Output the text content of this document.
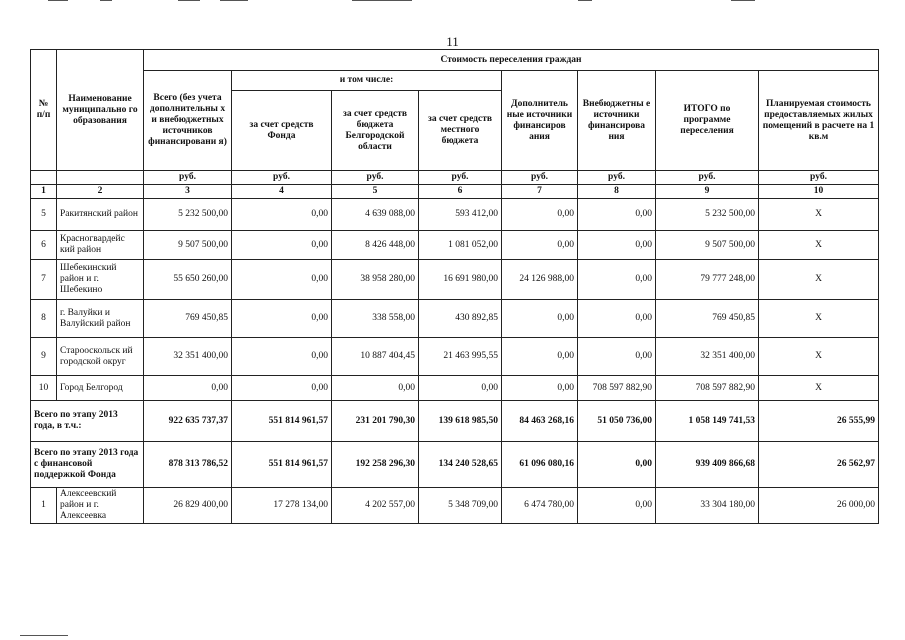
11
№ п/п	Наименование муниципально го образования	Стоимость переселения граждан							
		Всего (без учета дополнительны х и внебюджетных источников финансировани я)	и том числе:			Дополнитель ные источники финансиров ания	Внебюджетны е источники финансирова ния	ИТОГО по программе переселения	Планируемая стоимость предоставляемых жилых помещений в расчете на 1 кв.м
			за счет средств Фонда	за счет средств бюджета Белгородской области	за счет средств местного бюджета				
		руб.	руб.	руб.	руб.	руб.	руб.	руб.	руб.
1	2	3	4	5	6	7	8	9	10
5	Ракитянский район	5 232 500,00	0,00	4 639 088,00	593 412,00	0,00	0,00	5 232 500,00	X
6	Красногвардейс кий район	9 507 500,00	0,00	8 426 448,00	1 081 052,00	0,00	0,00	9 507 500,00	X
7	Шебекинский район и г. Шебекино	55 650 260,00	0,00	38 958 280,00	16 691 980,00	24 126 988,00	0,00	79 777 248,00	X
8	г. Валуйки и Валуйский район	769 450,85	0,00	338 558,00	430 892,85	0,00	0,00	769 450,85	X
9	Старооскольск ий городской округ	32 351 400,00	0,00	10 887 404,45	21 463 995,55	0,00	0,00	32 351 400,00	X
10	Город Белгород	0,00	0,00	0,00	0,00	0,00	708 597 882,90	708 597 882,90	X
Всего по этапу 2013 года, в т.ч.:		922 635 737,37	551 814 961,57	231 201 790,30	139 618 985,50	84 463 268,16	51 050 736,00	1 058 149 741,53	26 555,99
Всего по этапу 2013 года с финансовой поддержкой Фонда		878 313 786,52	551 814 961,57	192 258 296,30	134 240 528,65	61 096 080,16	0,00	939 409 866,68	26 562,97
1	Алексеевский район и г. Алексеевка	26 829 400,00	17 278 134,00	4 202 557,00	5 348 709,00	6 474 780,00	0,00	33 304 180,00	26 000,00
